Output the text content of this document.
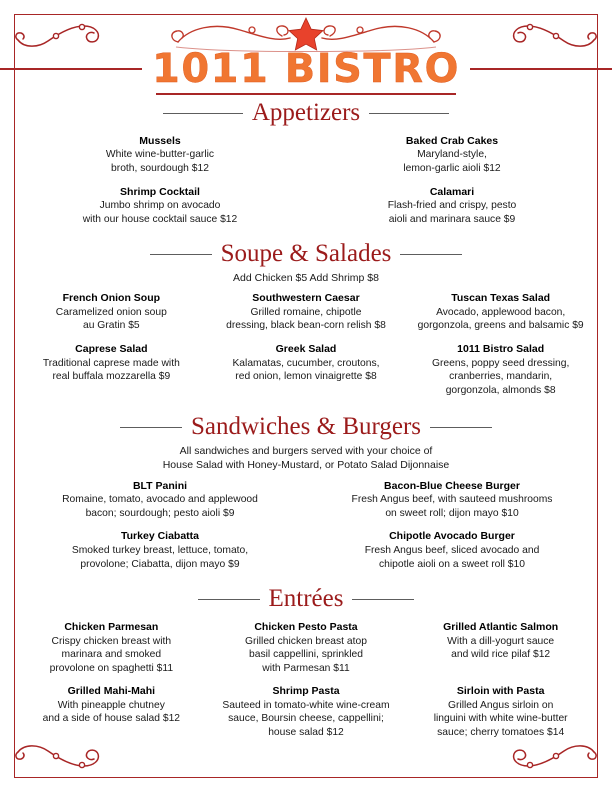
1011 BISTRO
Appetizers
Mussels
White wine-butter-garlic
broth, sourdough $12
Baked Crab Cakes
Maryland-style,
lemon-garlic aioli $12
Shrimp Cocktail
Jumbo shrimp on avocado
with our house cocktail sauce $12
Calamari
Flash-fried and crispy, pesto
aioli and marinara sauce $9
Soupe & Salades
Add Chicken $5 Add Shrimp $8
French Onion Soup
Caramelized onion soup
au Gratin $5
Southwestern Caesar
Grilled romaine, chipotle
dressing, black bean-corn relish $8
Tuscan Texas Salad
Avocado, applewood bacon,
gorgonzola, greens and balsamic $9
Caprese Salad
Traditional caprese made with
real buffala mozzarella $9
Greek Salad
Kalamatas, cucumber, croutons,
red onion, lemon vinaigrette $8
1011 Bistro Salad
Greens, poppy seed dressing,
cranberries, mandarin,
gorgonzola, almonds $8
Sandwiches & Burgers
All sandwiches and burgers served with your choice of
House Salad with Honey-Mustard, or Potato Salad Dijonnaise
BLT Panini
Romaine, tomato, avocado and applewood
bacon; sourdough; pesto aioli $9
Bacon-Blue Cheese Burger
Fresh Angus beef, with sauteed mushrooms
on sweet roll; dijon mayo $10
Turkey Ciabatta
Smoked turkey breast, lettuce, tomato,
provolone; Ciabatta, dijon mayo $9
Chipotle Avocado Burger
Fresh Angus beef, sliced avocado and
chipotle aioli on a sweet roll $10
Entrées
Chicken Parmesan
Crispy chicken breast with
marinara and smoked
provolone on spaghetti $11
Chicken Pesto Pasta
Grilled chicken breast atop
basil cappellini, sprinkled
with Parmesan $11
Grilled Atlantic Salmon
With a dill-yogurt sauce
and wild rice pilaf $12
Grilled Mahi-Mahi
With pineapple chutney
and a side of house salad $12
Shrimp Pasta
Sauteed in tomato-white wine-cream
sauce, Boursin cheese, cappellini;
house salad $12
Sirloin with Pasta
Grilled Angus sirloin on
linguini with white wine-butter
sauce; cherry tomatoes $14
